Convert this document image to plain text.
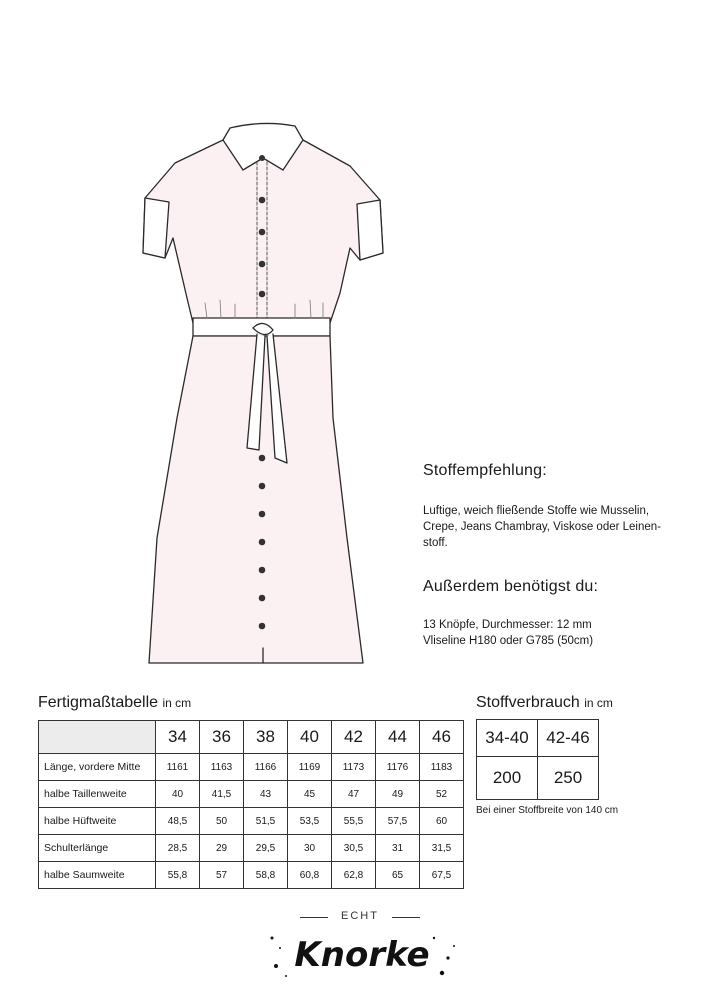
Stoffempfehlung:
Luftige, weich fließende Stoffe wie Musselin,
Crepe, Jeans Chambray, Viskose oder Leinen-
stoff.
Außerdem benötigst du:
13 Knöpfe, Durchmesser: 12 mm
Vliseline H180 oder G785 (50cm)
Fertigmaßtabelle in cm
	34	36	38	40	42	44	46
Länge, vordere Mitte	1161	1163	1166	1169	1173	1176	1183
halbe Taillenweite	40	41,5	43	45	47	49	52
halbe Hüftweite	48,5	50	51,5	53,5	55,5	57,5	60
Schulterlänge	28,5	29	29,5	30	30,5	31	31,5
halbe Saumweite	55,8	57	58,8	60,8	62,8	65	67,5
Stoffverbrauch in cm
34-40	42-46
200	250
Bei einer Stoffbreite von 140 cm
ECHT
Knorke
